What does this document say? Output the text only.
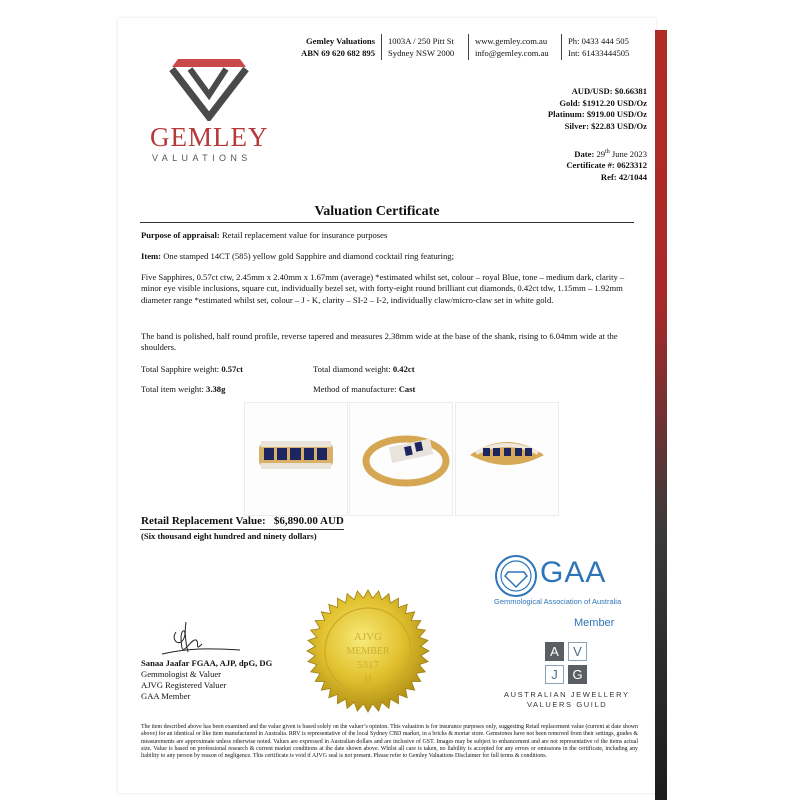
Gemley Valuations
ABN 69 620 682 895
1003A / 250 Pitt St
Sydney NSW 2000
www.gemley.com.au
info@gemley.com.au
Ph: 0433 444 505
Int: 61433444505
GEMLEY
VALUATIONS
AUD/USD: $0.66381
Gold: $1912.20 USD/Oz
Platinum: $919.00 USD/Oz
Silver: $22.83 USD/Oz
Date: 29th June 2023
Certificate #: 0623312
Ref: 42/1044
Valuation Certificate
Purpose of appraisal: Retail replacement value for insurance purposes
Item: One stamped 14CT (585) yellow gold Sapphire and diamond cocktail ring featuring;
Five Sapphires, 0.57ct ctw, 2.45mm x 2.40mm x 1.67mm (average) *estimated whilst set, colour – royal Blue, tone – medium dark, clarity – minor eye visible inclusions, square cut, individually bezel set, with forty-eight round brilliant cut diamonds, 0.42ct tdw, 1.15mm – 1.92mm diameter range *estimated whilst set, colour – J - K, clarity – SI-2 – I-2, individually claw/micro-claw set in white gold.
The band is polished, half round profile, reverse tapered and measures 2.38mm wide at the base of the shank, rising to 6.04mm wide at the shoulders.
Total Sapphire weight: 0.57ct	Total diamond weight: 0.42ct
Total item weight: 3.38g	Method of manufacture: Cast
Retail Replacement Value: $6,890.00 AUD
(Six thousand eight hundred and ninety dollars)
GAA
Gemmological Association of Australia
Member
A	V
J	G
AUSTRALIAN JEWELLERY
VALUERS GUILD
AJVG
MEMBER
5317
H
Sanaa Jaafar FGAA, AJP, dpG, DG
Gemmologist & Valuer
AJVG Registered Valuer
GAA Member
The item described above has been examined and the value given is based solely on the valuer’s opinion. This valuation is for insurance purposes only, suggesting Retail replacement value (current at date shown above) for an identical or like item manufactured in Australia. RRV is representative of the local Sydney CBD market, in a bricks & mortar store. Gemstones have not been removed from their settings, grades & measurements are approximate unless otherwise noted. Values are expressed in Australian dollars and are inclusive of GST. Images may be subject to enhancement and are not representative of the items actual size. Value is based on professional research & current market conditions at the date shown above. Whilst all care is taken, no liability is accepted for any errors or omissions in the certificate, including any liability to any person by reason of negligence. This certificate is void if AJVG seal is not present. Please refer to Gemley Valuations Disclaimer for full terms & conditions.
